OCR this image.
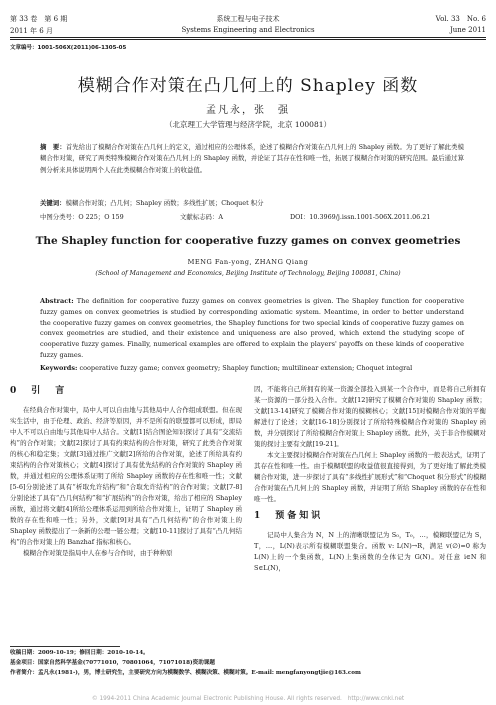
第 33 卷　第 6 期	系统工程与电子技术	Vol. 33　No. 6
2011 年 6 月	Systems Engineering and Electronics	June 2011
文章编号：1001-506X(2011)06-1305-05
模糊合作对策在凸几何上的 Shapley 函数
孟凡永，张　强
（北京理工大学管理与经济学院，北京 100081）
摘　要：首先给出了模糊合作对策在凸几何上的定义，通过相应的公理体系，论述了模糊合作对策在凸几何上的 Shapley 函数。为了更好了解此类模糊合作对策，研究了两类特殊模糊合作对策在凸几何上的 Shapley 函数，并论证了其存在性和唯一性，拓展了模糊合作对策的研究范围。最后通过算例分析来具体说明两个人在此类模糊合作对策上的收益值。
关键词：模糊合作对策；凸几何；Shapley 函数；多线性扩展；Choquet 积分
中图分类号：O 225；O 159	文献标志码：A	DOI：10.3969/j.issn.1001-506X.2011.06.21
The Shapley function for cooperative fuzzy games on convex geometries
MENG Fan-yong, ZHANG Qiang
(School of Management and Economics, Beijing Institute of Technology, Beijing 100081, China)
Abstract: The definition for cooperative fuzzy games on convex geometries is given. The Shapley function for cooperative fuzzy games on convex geometries is studied by corresponding axiomatic system. Meantime, in order to better understand the cooperative fuzzy games on convex geometries, the Shapley functions for two special kinds of cooperative fuzzy games on convex geometries are studied, and their existence and uniqueness are also proved, which extend the studying scope of cooperative fuzzy games. Finally, numerical examples are offered to explain the players' payoffs on these kinds of cooperative fuzzy games.
Keywords: cooperative fuzzy game; convex geometry; Shapley function; multilinear extension; Choquet integral
0　引　言

在经典合作对策中，局中人可以自由地与其他局中人合作组成联盟。但在现实生活中，由于伦理、政治、经济等原因，并不是所有的联盟都可以形成，即局中人不可以自由地与其他局中人结合。文献[1]结合图论知识探讨了具有“交流结构”的合作对策；文献[2]探讨了具有约束结构的合作对策，研究了此类合作对策的核心和稳定集；文献[3]通过推广文献[2]所给的合作对策，论述了所给具有约束结构的合作对策核心；文献[4]探讨了具有优先结构的合作对策的 Shapley 函数，并通过相应的公理体系证明了所给 Shapley 函数的存在性和唯一性；文献[5-6]分别论述了具有“析取允许结构”和“合取允许结构”的合作对策；文献[7-8]分别论述了具有“凸几何结构”和“扩展结构”的合作对策，给出了相应的 Shapley 函数，通过将文献[4]所给公理体系运用到所给合作对策上，证明了 Shapley 函数的存在性和唯一性；另外，文献[9]对具有“凸几何结构”的合作对策上的 Shapley 函数提出了一条新的公理一链公理；文献[10-11]探讨了具有“凸几何结构”的合作对策上的 Banzhaf 指标和核心。

模糊合作对策是指局中人在参与合作时，由于种种原

因，不能将自己所拥有的某一资源全部投入到某一个合作中，而是将自己所拥有某一资源的一部分投入合作。文献[12]研究了模糊合作对策的 Shapley 函数；文献[13-14]研究了模糊合作对策的模糊核心；文献[15]对模糊合作对策的平衡解进行了论述；文献[16-18]分别探讨了所给特殊模糊合作对策的 Shapley 函数，并分别探讨了所给模糊合作对策上 Shapley 函数。此外，关于非合作模糊对策的探讨主要有文献[19-21]。

本文主要探讨模糊合作对策在凸几何上 Shapley 函数的一般表达式，证明了其存在性和唯一性。由于模糊联盟的收益值很直接得到，为了更好地了解此类模糊合作对策，进一步探讨了具有“多线性扩展形式”和“Choquet 积分形式”的模糊合作对策在凸几何上的 Shapley 函数，并证明了所给 Shapley 函数的存在性和唯一性。

1　预备知识

记局中人集合为 N，N 上的清晰联盟记为 S₀，T₀，…，模糊联盟记为 S，T，…，L(N)表示所有模糊联盟集合。函数 v: L(N)→R，满足 v(∅)=0 称为 L(N)上的一个集函数，L(N)上集函数的全体记为 G(N)。对任意 i∈N 和 S∈L(N)，

收稿日期：2009-10-19；修回日期：2010-10-14。
基金项目：国家自然科学基金(70771010，70801064，71071018)资助课题
作者简介：孟凡永(1981-)，男，博士研究生，主要研究方向为模糊数学、模糊决策、模糊对策。E-mail: mengfanyongtjie@163.com
© 1994-2011 China Academic Journal Electronic Publishing House. All rights reserved.　http://www.cnki.net
